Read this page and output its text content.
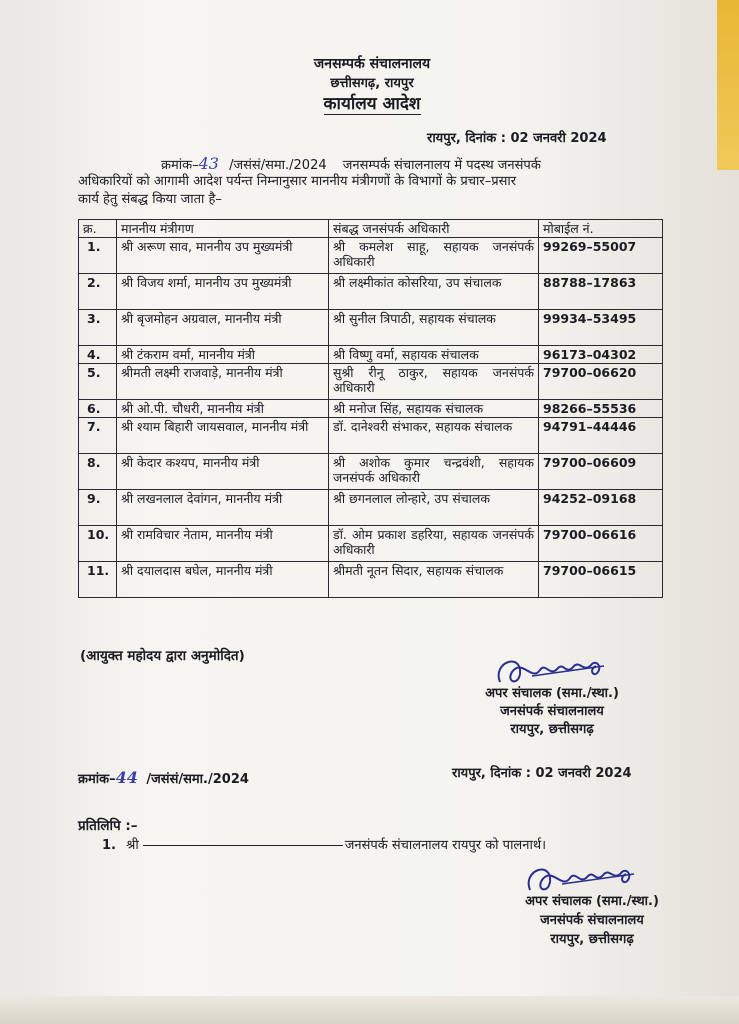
जनसम्पर्क संचालनालय
छत्तीसगढ़, रायपुर
कार्यालय आदेश
रायपुर, दिनांक : 02 जनवरी 2024
क्रमांक–43 /जसंसं/समा./2024 जनसम्पर्क संचालनालय में पदस्थ जनसंपर्क
अधिकारियों को आगामी आदेश पर्यन्त निम्नानुसार माननीय मंत्रीगणों के विभागों के प्रचार–प्रसार
कार्य हेतु संबद्ध किया जाता है–
क्र.	माननीय मंत्रीगण	संबद्ध जनसंपर्क अधिकारी	मोबाईल नं.
1.	श्री अरूण साव, माननीय उप मुख्यमंत्री	श्री कमलेश साहू, सहायक जनसंपर्क अधिकारी	99269–55007
2.	श्री विजय शर्मा, माननीय उप मुख्यमंत्री	श्री लक्ष्मीकांत कोसरिया, उप संचालक	88788–17863
3.	श्री बृजमोहन अग्रवाल, माननीय मंत्री	श्री सुनील त्रिपाठी, सहायक संचालक	99934–53495
4.	श्री टंकराम वर्मा, माननीय मंत्री	श्री विष्णु वर्मा, सहायक संचालक	96173–04302
5.	श्रीमती लक्ष्मी राजवाड़े, माननीय मंत्री	सुश्री रीनू ठाकुर, सहायक जनसंपर्क अधिकारी	79700–06620
6.	श्री ओ.पी. चौधरी, माननीय मंत्री	श्री मनोज सिंह, सहायक संचालक	98266–55536
7.	श्री श्याम बिहारी जायसवाल, माननीय मंत्री	डॉ. दानेश्वरी संभाकर, सहायक संचालक	94791–44446
8.	श्री केदार कश्यप, माननीय मंत्री	श्री अशोक कुमार चन्द्रवंशी, सहायक जनसंपर्क अधिकारी	79700–06609
9.	श्री लखनलाल देवांगन, माननीय मंत्री	श्री छगनलाल लोन्हारे, उप संचालक	94252–09168
10.	श्री रामविचार नेताम, माननीय मंत्री	डॉ. ओम प्रकाश डहरिया, सहायक जनसंपर्क अधिकारी	79700–06616
11.	श्री दयालदास बघेल, माननीय मंत्री	श्रीमती नूतन सिदार, सहायक संचालक	79700–06615
(आयुक्त महोदय द्वारा अनुमोदित)
अपर संचालक (समा./स्था.)
जनसंपर्क संचालनालय
रायपुर, छत्तीसगढ़
क्रमांक–44 /जसंसं/समा./2024	रायपुर, दिनांक : 02 जनवरी 2024
प्रतिलिपि :–
1. श्री	जनसंपर्क संचालनालय रायपुर को पालनार्थ।
अपर संचालक (समा./स्था.)
जनसंपर्क संचालनालय
रायपुर, छत्तीसगढ़
